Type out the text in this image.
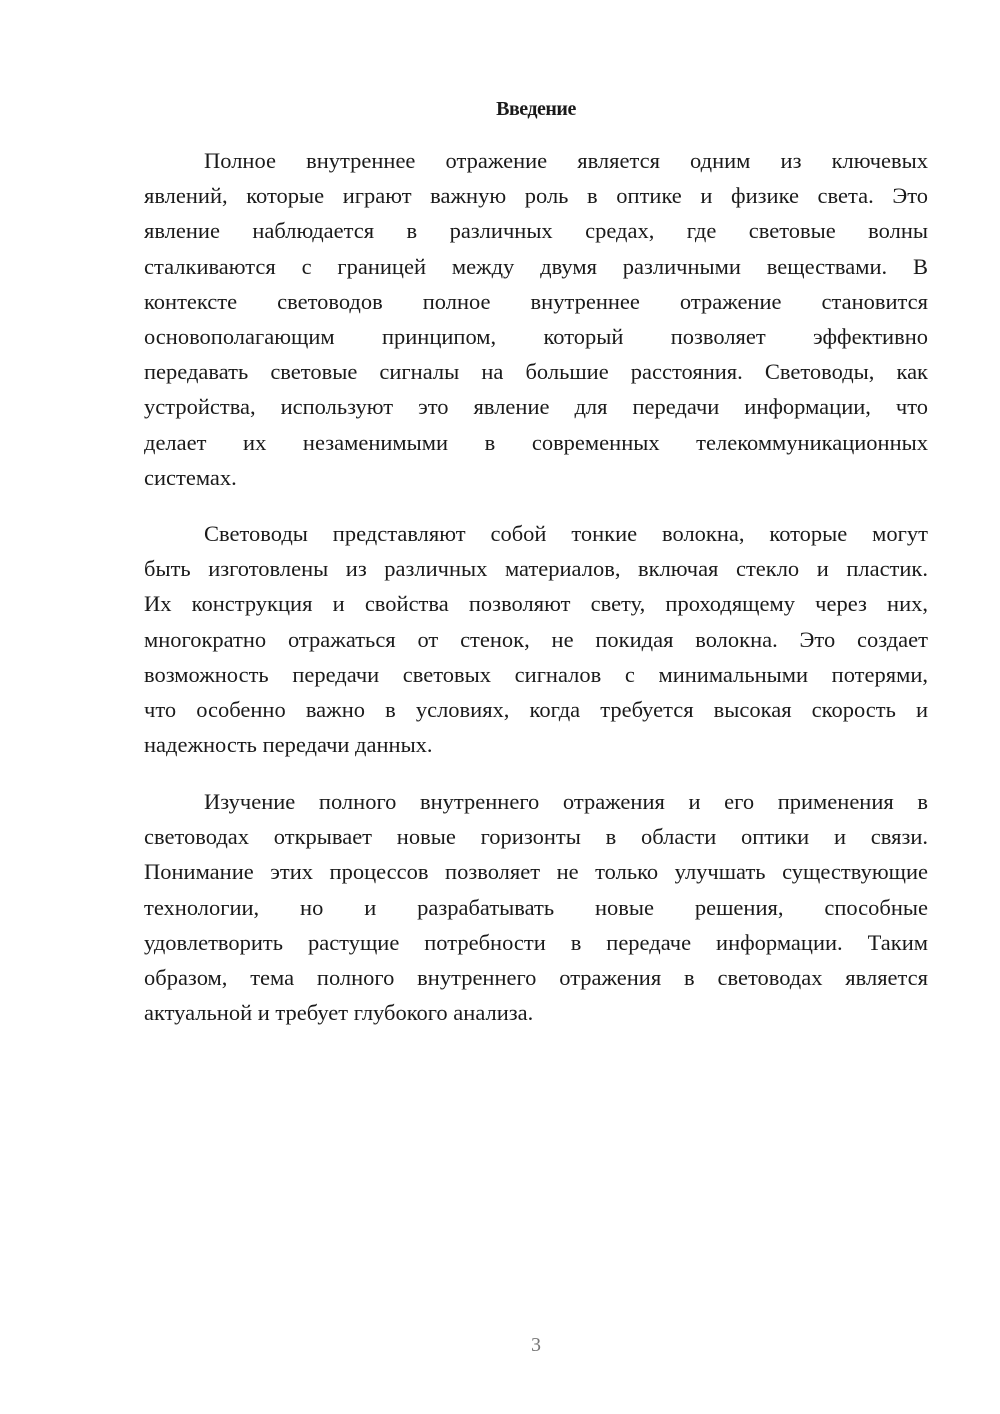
Введение
Полное внутреннее отражение является одним из ключевых
явлений, которые играют важную роль в оптике и физике света. Это
явление наблюдается в различных средах, где световые волны
сталкиваются с границей между двумя различными веществами. В
контексте световодов полное внутреннее отражение становится
основополагающим принципом, который позволяет эффективно
передавать световые сигналы на большие расстояния. Световоды, как
устройства, используют это явление для передачи информации, что
делает их незаменимыми в современных телекоммуникационных
системах.
Световоды представляют собой тонкие волокна, которые могут
быть изготовлены из различных материалов, включая стекло и пластик.
Их конструкция и свойства позволяют свету, проходящему через них,
многократно отражаться от стенок, не покидая волокна. Это создает
возможность передачи световых сигналов с минимальными потерями,
что особенно важно в условиях, когда требуется высокая скорость и
надежность передачи данных.
Изучение полного внутреннего отражения и его применения в
световодах открывает новые горизонты в области оптики и связи.
Понимание этих процессов позволяет не только улучшать существующие
технологии, но и разрабатывать новые решения, способные
удовлетворить растущие потребности в передаче информации. Таким
образом, тема полного внутреннего отражения в световодах является
актуальной и требует глубокого анализа.
3
